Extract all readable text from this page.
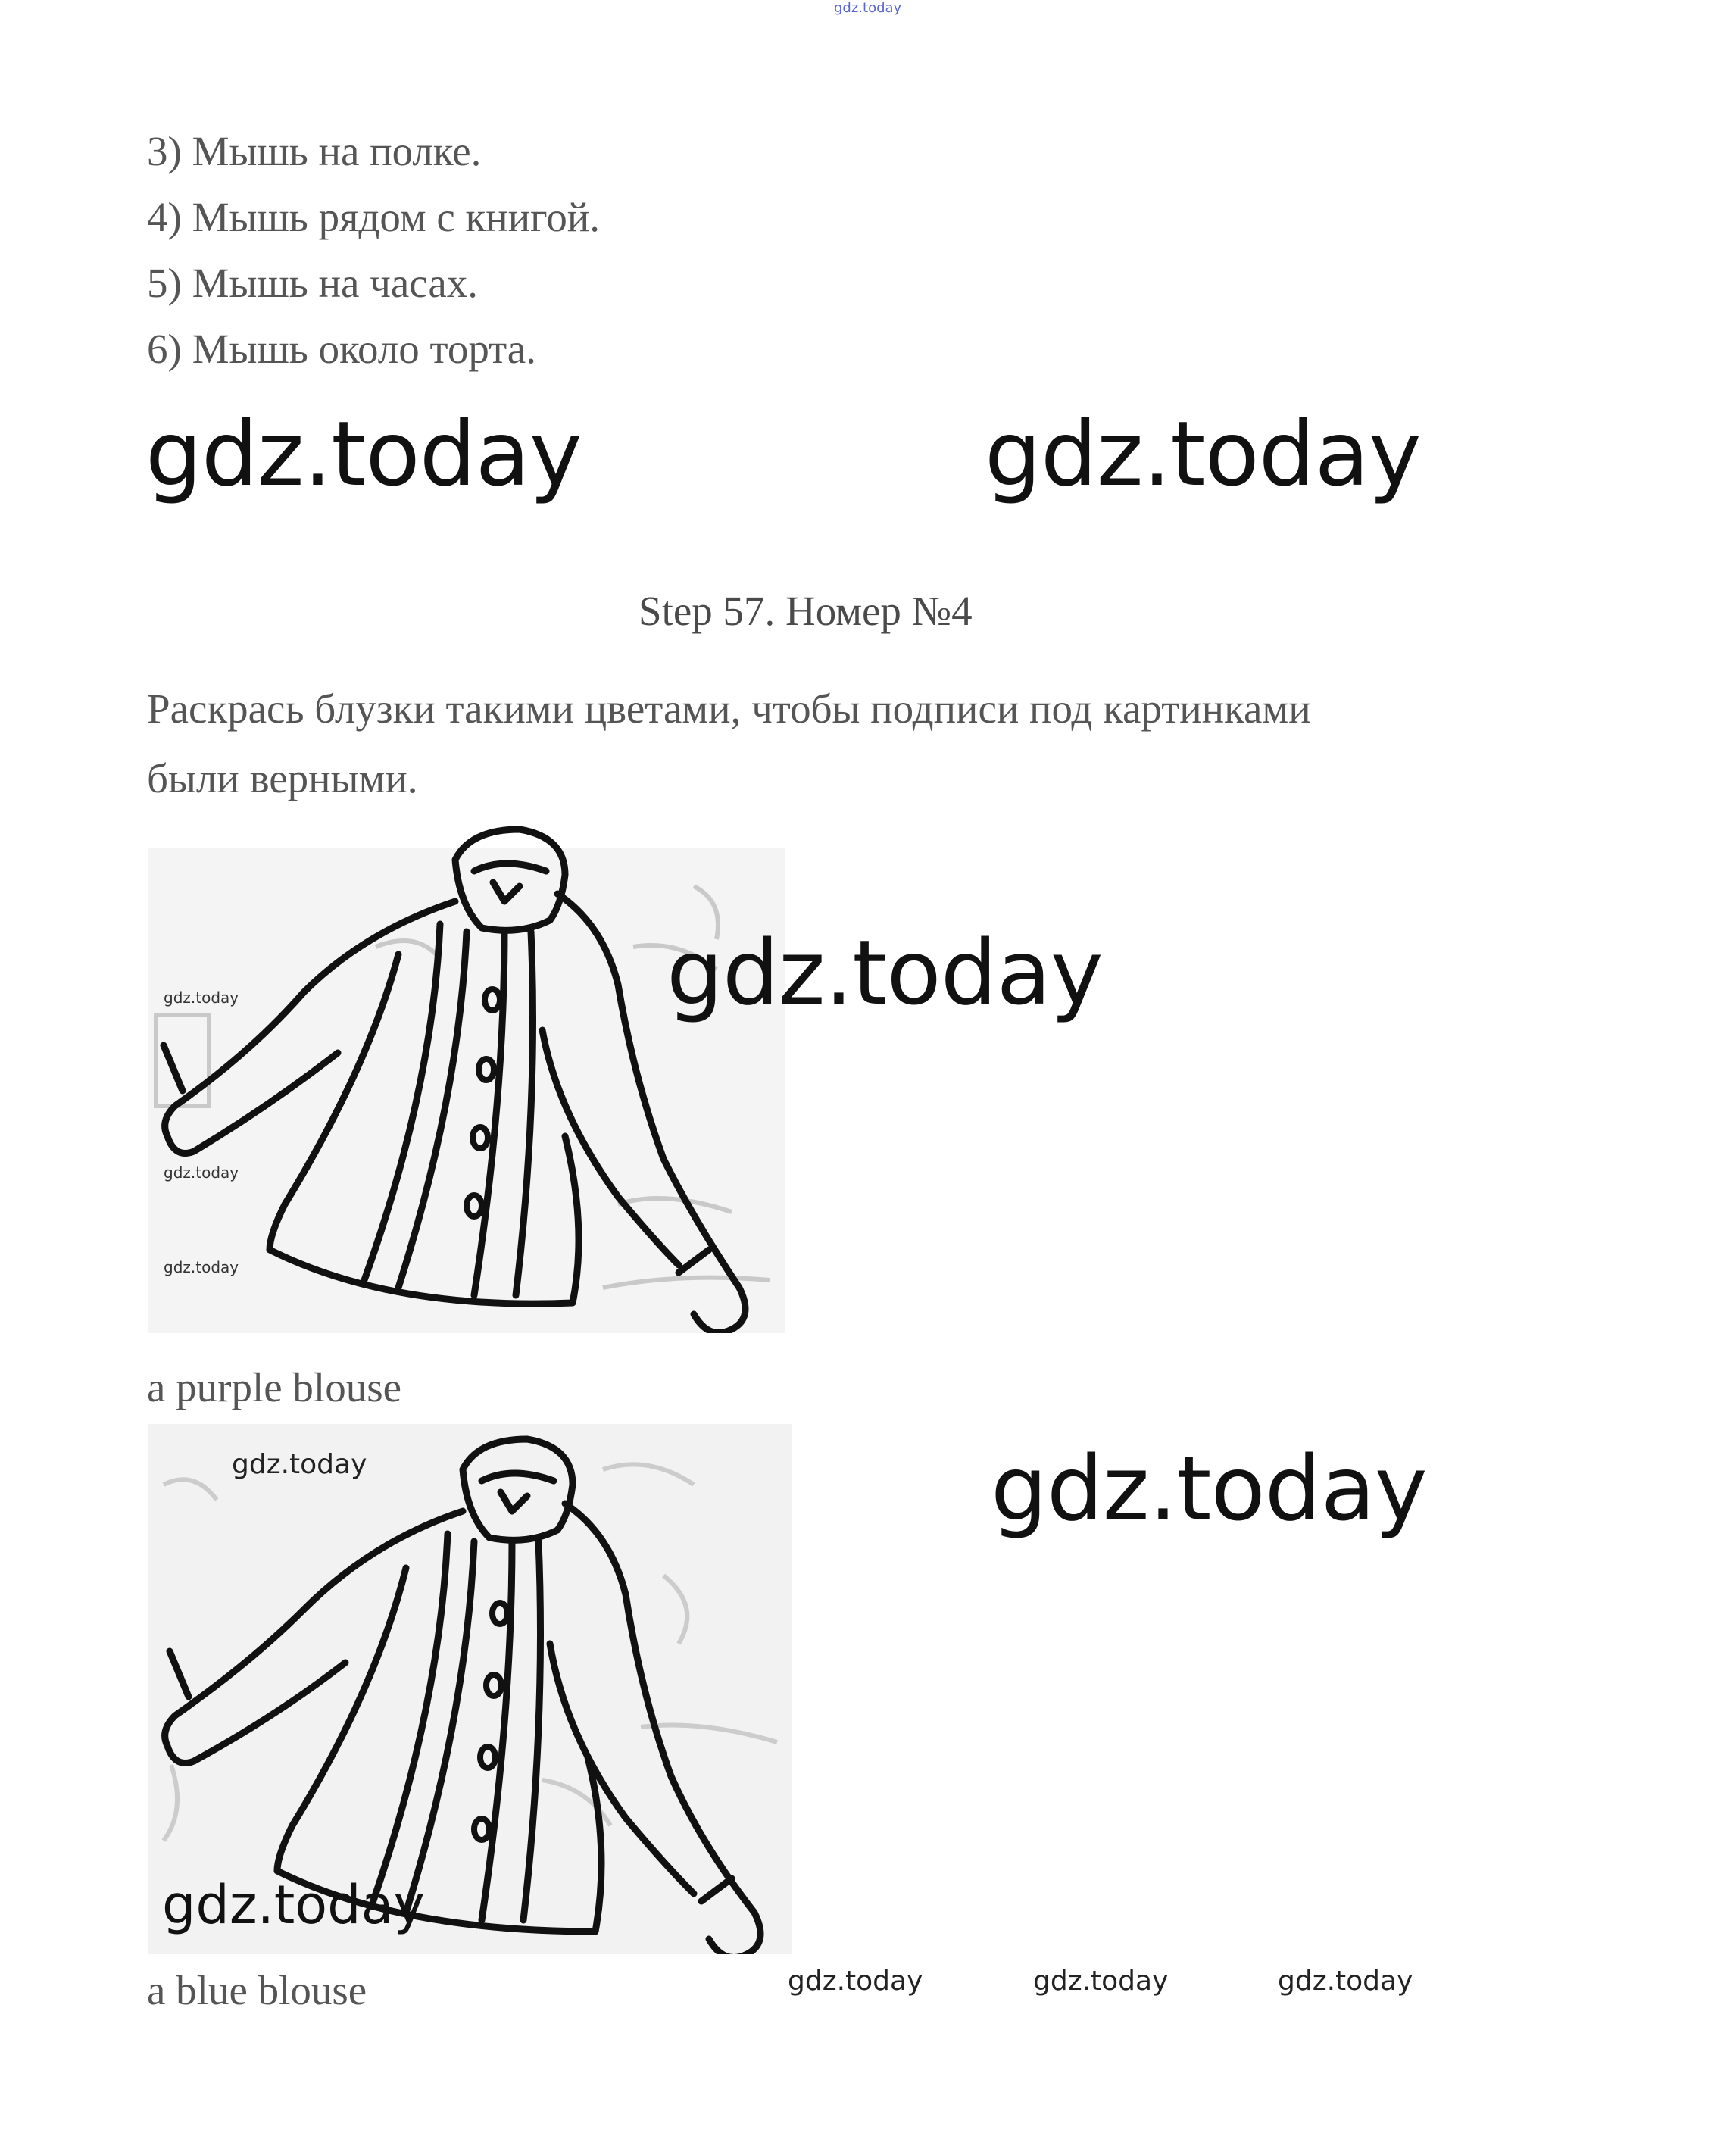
gdz.today
3) Мышь на полке.
4) Мышь рядом с книгой.
5) Мышь на часах.
6) Мышь около торта.
gdz.today	gdz.today
Step 57. Номер №4
Раскрась блузки такими цветами, чтобы подписи под картинками
были верными.
gdz.today
gdz.today
gdz.today
gdz.today
a purple blouse
gdz.today	gdz.today
gdz.today
a blue blouse	gdz.today	gdz.today	gdz.today
